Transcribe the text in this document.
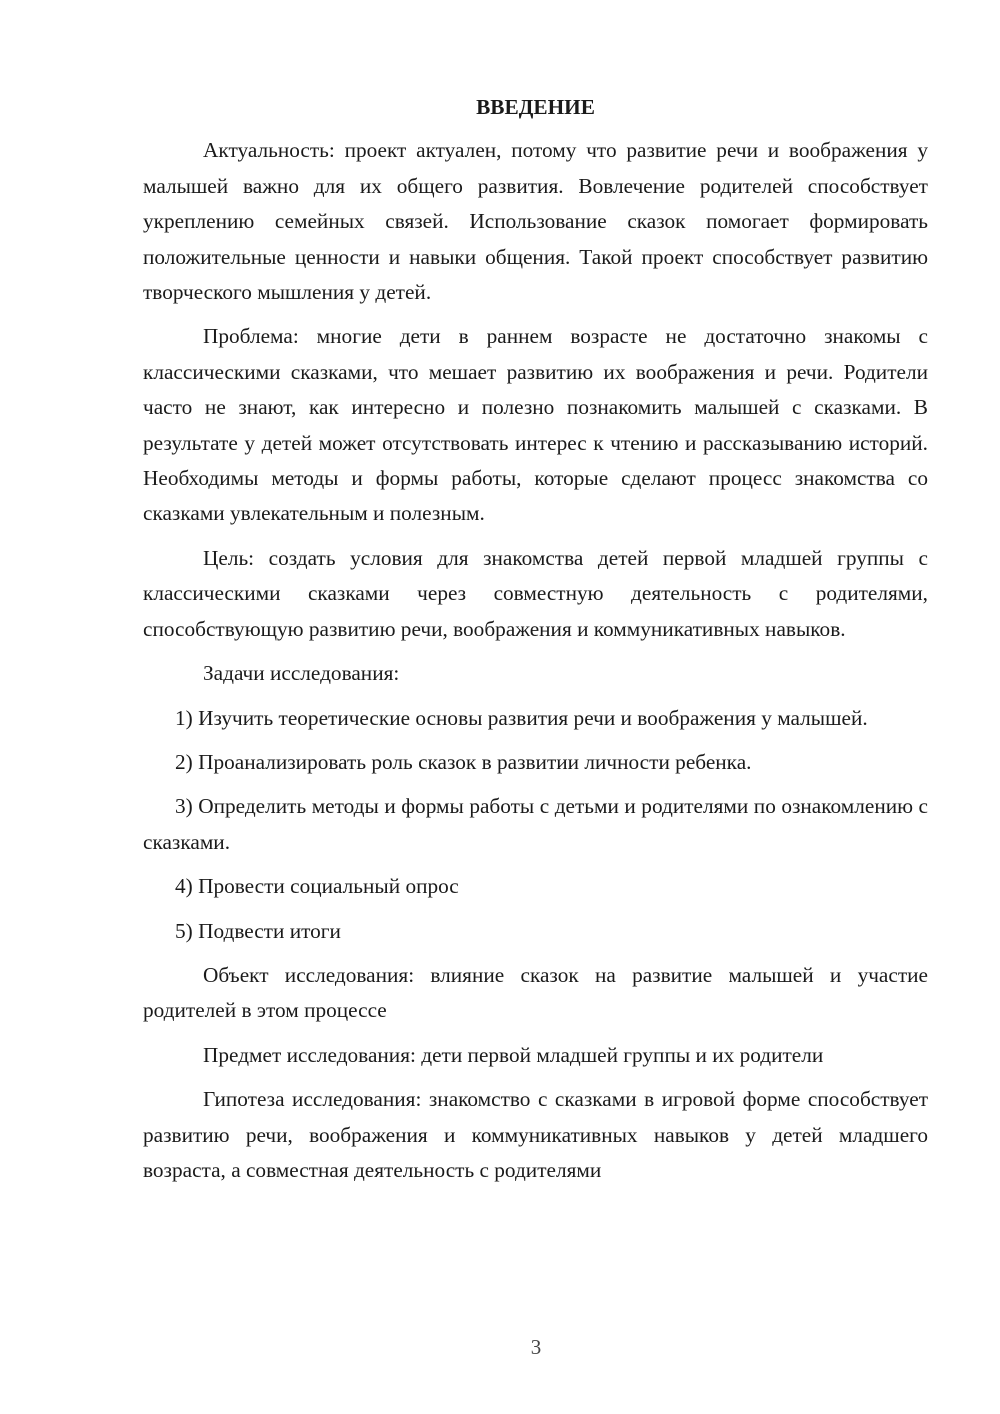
ВВЕДЕНИЕ

Актуальность: проект актуален, потому что развитие речи и воображения у малышей важно для их общего развития. Вовлечение родителей способствует укреплению семейных связей. Использование сказок помогает формировать положительные ценности и навыки общения. Такой проект способствует развитию творческого мышления у детей.

Проблема: многие дети в раннем возрасте не достаточно знакомы с классическими сказками, что мешает развитию их воображения и речи. Родители часто не знают, как интересно и полезно познакомить малышей с сказками. В результате у детей может отсутствовать интерес к чтению и рассказыванию историй. Необходимы методы и формы работы, которые сделают процесс знакомства со сказками увлекательным и полезным.

Цель: создать условия для знакомства детей первой младшей группы с классическими сказками через совместную деятельность с родителями, способствующую развитию речи, воображения и коммуникативных навыков.

Задачи исследования:

1) Изучить теоретические основы развития речи и воображения у малышей.

2) Проанализировать роль сказок в развитии личности ребенка.

3) Определить методы и формы работы с детьми и родителями по ознакомлению с сказками.

4) Провести социальный опрос

5) Подвести итоги

Объект исследования: влияние сказок на развитие малышей и участие родителей в этом процессе

Предмет исследования: дети первой младшей группы и их родители

Гипотеза исследования: знакомство с сказками в игровой форме способствует развитию речи, воображения и коммуникативных навыков у детей младшего возраста, а совместная деятельность с родителями

3
